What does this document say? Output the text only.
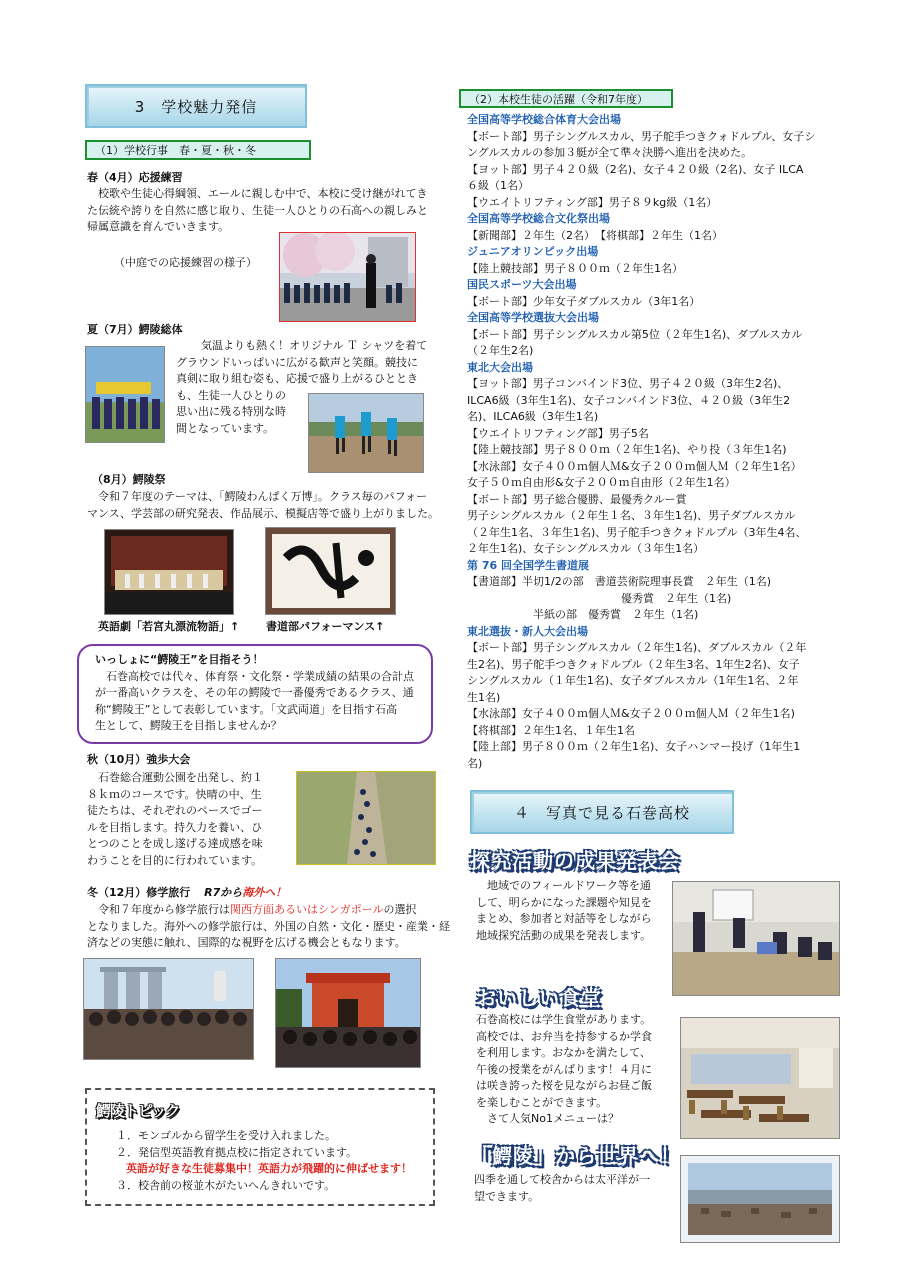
3　学校魅力発信
（1）学校行事　春・夏・秋・冬
春（4月）応援練習
　校歌や生徒心得綱領、エールに親しむ中で、本校に受け継がれてき
た伝統や誇りを自然に感じ取り、生徒一人ひとりの石高への親しみと
帰属意識を育んでいきます。
（中庭での応援練習の様子）
夏（7月）鰐陵総体
　気温よりも熱く！オリジナル Ｔ シャツを着て
グラウンドいっぱいに広がる歓声と笑顔。競技に
真剣に取り組む姿も、応援で盛り上がるひととき
も、生徒一人ひとりの
思い出に残る特別な時
間となっています。
（8月）鰐陵祭
　令和７年度のテーマは、「鰐陵わんぱく万博」。クラス毎のパフォー
マンス、学芸部の研究発表、作品展示、模擬店等で盛り上がりました。
英語劇「若宮丸漂流物語」↑ 書道部パフォーマンス↑
いっしょに“鰐陵王”を目指そう！
　石巻高校では代々、体育祭・文化祭・学業成績の結果の合計点
が一番高いクラスを、その年の鰐陵で一番優秀であるクラス、通
称“鰐陵王”として表彰しています。「文武両道」を目指す石高
生として、鰐陵王を目指しませんか？
秋（10月）強歩大会
　石巻総合運動公園を出発し、約１
８ｋｍのコースです。快晴の中、生
徒たちは、それぞれのペースでゴー
ルを目指します。持久力を養い、ひ
とつのことを成し遂げる達成感を味
わうことを目的に行われています。
冬（12月）修学旅行 R7から海外へ！
　令和７年度から修学旅行は関西方面あるいはシンガポールの選択
となりました。海外への修学旅行は、外国の自然・文化・歴史・産業・経
済などの実態に触れ、国際的な視野を広げる機会ともなります。
鰐陵トピック
１．モンゴルから留学生を受け入れました。
２．発信型英語教育拠点校に指定されています。
英語が好きな生徒募集中！英語力が飛躍的に伸ばせます！
３．校舎前の桜並木がたいへんきれいです。
（2）本校生徒の活躍（令和7年度）
全国高等学校総合体育大会出場
【ボート部】男子シングルスカル、男子舵手つきクォドルプル、女子シ
ングルスカルの参加３艇が全て準々決勝へ進出を決めた。
【ヨット部】男子４２０級（2名)、女子４２０級（2名)、女子 ILCA
６級（1名）
【ウエイトリフティング部】男子８９kg級（1名）
全国高等学校総合文化祭出場
【新聞部】２年生（2名）　【将棋部】２年生（1名）
ジュニアオリンピック出場
【陸上競技部】男子８００ｍ（２年生1名）
国民スポーツ大会出場
【ボート部】少年女子ダブルスカル（3年1名）
全国高等学校選抜大会出場
【ボート部】男子シングルスカル第5位（２年生1名)、ダブルスカル
（２年生2名)
東北大会出場
【ヨット部】男子コンバインド3位、男子４２０級（3年生2名)、
ILCA6級（3年生1名)、女子コンバインド3位、４２０級（3年生2
名)、ILCA6級（3年生1名)
【ウエイトリフティング部】男子5名
【陸上競技部】男子８００ｍ（２年生1名)、やり投（３年生1名)
【水泳部】女子４００ｍ個人Ｍ&女子２００ｍ個人Ｍ（２年生1名）
女子５０ｍ自由形&女子２００ｍ自由形（２年生1名）
【ボート部】男子総合優勝、最優秀クルー賞
男子シングルスカル（２年生１名、３年生1名)、男子ダブルスカル
（２年生1名、３年生1名)、男子舵手つきクォドルプル（3年生4名、
２年生1名)、女子シングルスカル（３年生1名）
第 76 回全国学生書道展
【書道部】半切1/2の部　書道芸術院理事長賞　２年生（1名)
　　　　　　　　　　　　　　優秀賞　２年生（1名)
　　　　　　半紙の部　優秀賞　２年生（1名)
東北選抜・新人大会出場
【ボート部】男子シングルスカル（２年生1名)、ダブルスカル（２年
生2名)、男子舵手つきクォドルプル（２年生3名、1年生2名)、女子
シングルスカル（１年生1名)、女子ダブルスカル（1年生1名、２年
生1名)
【水泳部】女子４００ｍ個人Ｍ&女子２００ｍ個人Ｍ（２年生1名)
【将棋部】２年生1名、１年生1名
【陸上部】男子８００ｍ（２年生1名)、女子ハンマー投げ（1年生1
名)
４　写真で見る石巻高校
探究活動の成果発表会
　地域でのフィールドワーク等を通
して、明らかになった課題や知見を
まとめ、参加者と対話等をしながら
地域探究活動の成果を発表します。
おいしい食堂
石巻高校には学生食堂があります。
高校では、お弁当を持参するか学食
を利用します。おなかを満たして、
午後の授業をがんばります！４月に
は咲き誇った桜を見ながらお昼ご飯
を楽しむことができます。
　さて人気No1メニューは？
「鰐陵」から世界へ！
四季を通して校舎からは太平洋が一
望できます。
